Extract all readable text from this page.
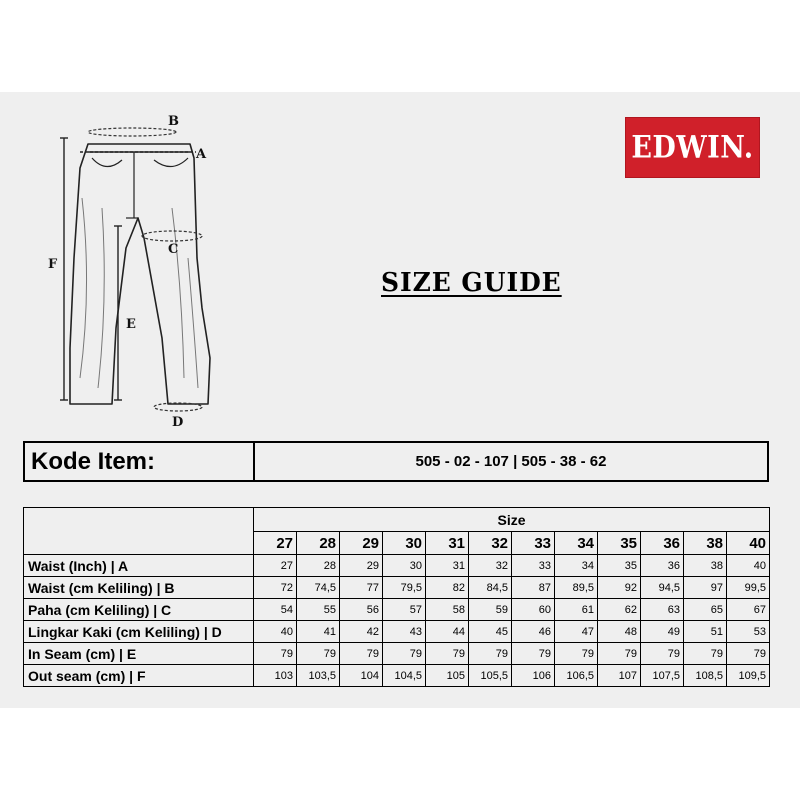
B
A
C
D
E
F
EDWIN.
SIZE GUIDE
Kode Item:	505 - 02 - 107 | 505 - 38 - 62
	Size											
	27	28	29	30	31	32	33	34	35	36	38	40
Waist (Inch) | A	27	28	29	30	31	32	33	34	35	36	38	40
Waist (cm Keliling) | B	72	74,5	77	79,5	82	84,5	87	89,5	92	94,5	97	99,5
Paha (cm Keliling) | C	54	55	56	57	58	59	60	61	62	63	65	67
Lingkar Kaki (cm Keliling) | D	40	41	42	43	44	45	46	47	48	49	51	53
In Seam (cm) | E	79	79	79	79	79	79	79	79	79	79	79	79
Out seam (cm) | F	103	103,5	104	104,5	105	105,5	106	106,5	107	107,5	108,5	109,5
